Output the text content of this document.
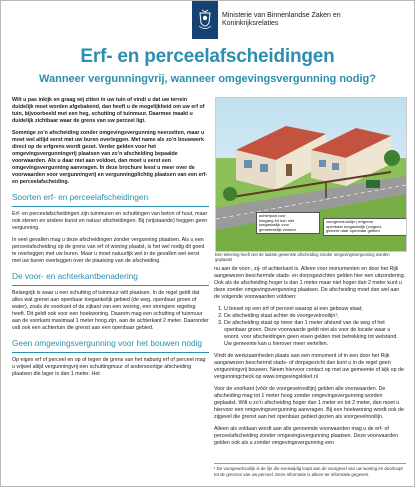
Ministerie van Binnenlandse Zaken en
Koninkrijksrelaties
Erf- en perceelafscheidingen
Wanneer vergunningvrij, wanneer omgevingsvergunning nodig?

Wilt u pas inkijk en graag wij zitten in uw tuin of vindt u dat uw terrein duidelijk moet worden afgebakend, dan heeft u de mogelijkheid om uw erf of tuin, bijvoorbeeld met een heg, schutting of tuinmuur. Daarmee maakt u duidelijk zichtbaar waar de grens van uw perceel ligt.

Sommige zo’n afscheiding zonder omgevingsvergunning neerzetten, maar u moet wel altijd eerst met uw buren overleggen. Met name als zo’n bouwwerk direct op de erfgrens wordt gezet. Verder gelden voor het omgevingsvergunningvrij plaatsen van zo’n afscheiding bepaalde voorwaarden. Als u daar niet aan voldoet, dan moet u eerst een omgevingsvergunning aanvragen. In deze brochure leest u meer over de voorwaarden voor vergunningvrij en vergunningplichtig plaatsen van een erf- en perceelafscheiding.

Soorten erf- en perceelafscheidingen

Erf- en perceelafscheidingen zijn tuinmuren en schuttingen van beton of hout, maar ook stenen en andere kunst en natuur afscheidingen. Bij (vrijstaande) heggen geen vergunning.

In veel gevallen mag u deze afscheidingen zonder vergunning plaatsen. Als u een perceelafscheiding op de grens van erf of woning plaatst, is het wel nodig dit goed te overleggen met uw buren. Maar u moet natuurlijk wel in de gevallen wel eerst met uw buren overleggen over de plaatsing van de afscheiding.

De voor- en achterkantbenadering

Belangrijk is waar u een schutting of tuinmuur wilt plaatsen. In de regel geldt dat alles wat grenst aan openbaar toegankelijk gebied (de weg, openbaar groen of water), zoals de voorkant of de zijkant van een woning, een strengere regeling heeft. Dit geldt ook voor een hoekwoning. Daarom mag een schutting of tuinmuur aan de voorkant maximaal 1 meter hoog zijn, aan de achterkant 2 meter. Daaronder valt ook een achtertuin die grenst aan een openbaar gebied.

Geen omgevingsvergunning voor het bouwen nodig

Op eigen erf of perceel en op of tegen de grens van het naburig erf of perceel mag u vrijwel altijd vergunningvrij een schuttingmuur of andersoortige afscheiding plaatsen die lager is dan 1 meter. Het

achterpad voor
toegang tot tuin niet
toegankelijk voor
gemeentelijk verkeer
voorgevelrooilijn | erfgrens
openbaar toegankelijk (volgens
geleerd naar openbaar gebied
Een tekening heeft niet de laatste gewenste afscheiding zonder omgevingsvergunning worden geplaatst

nu aan de voor-, zij- of achterkant is. Alleen voor monumenten en door het Rijk aangewezen beschermde stads- en dorpsgezichten gelden hier een uitzondering. Ook als de afscheiding hoger is dan 1 meter maar niet hoger dan 2 meter kunt u deze zonder omgevingsvergunning plaatsen. De afscheiding moet dan wel aan de volgende voorwaarden voldoen:

1. U bouwt op een erf of perceel waarop al een gebouw staat;
2. De afscheiding staat achter de voorgevelrooilijn¹;
3. De afscheiding staat op meer dan 1 meter afstand van de weg of het openbaar groen. Deze voorwaarde geldt niet als voor de locatie waar u woont, voor afscheidingen geen eisen gelden met betrekking tot welstand. Uw gemeente kan u hierover meer vertellen.

Vindt de werkzaamheden plaats aan een monument of in een door het Rijk aangewezen beschermd stads- of dorpsgezicht dan kunt u in de regel geen vergunningvrij bouwen. Neem hiervoor contact op met uw gemeente of kijk op de vergunningcheck op www.omgevingsloket.nl

Voor de voorkant (vóór de voorgevelrooilijn) gelden alle voorwaarden. De afscheiding mag tot 1 meter hoog zonder omgevingsvergunning worden geplaatst. Wilt u zo’n afscheiding hoger dan 1 meter en tot 2 meter, dan moet u hiervoor een omgevingsvergunning aanvragen. Bij een hoekwoning wordt ook de zijgevel die grenst aan het openbaar gebied gezien als voorgevelrooilijn.

Alleen als voldaan wordt aan alle genoemde voorwaarden mag u de erf- of perceelafscheiding zonder omgevingsvergunning plaatsen. Deze voorwaarden gelden ook als u zonder omgevingsvergunning een

¹ De voorgevelrooilijn is de lijn die evenwijdig loopt aan de voorgevel van uw woning en doorloopt tot de grenzen van uw perceel. Deze informatie is alleen ter informatie gegeven.
